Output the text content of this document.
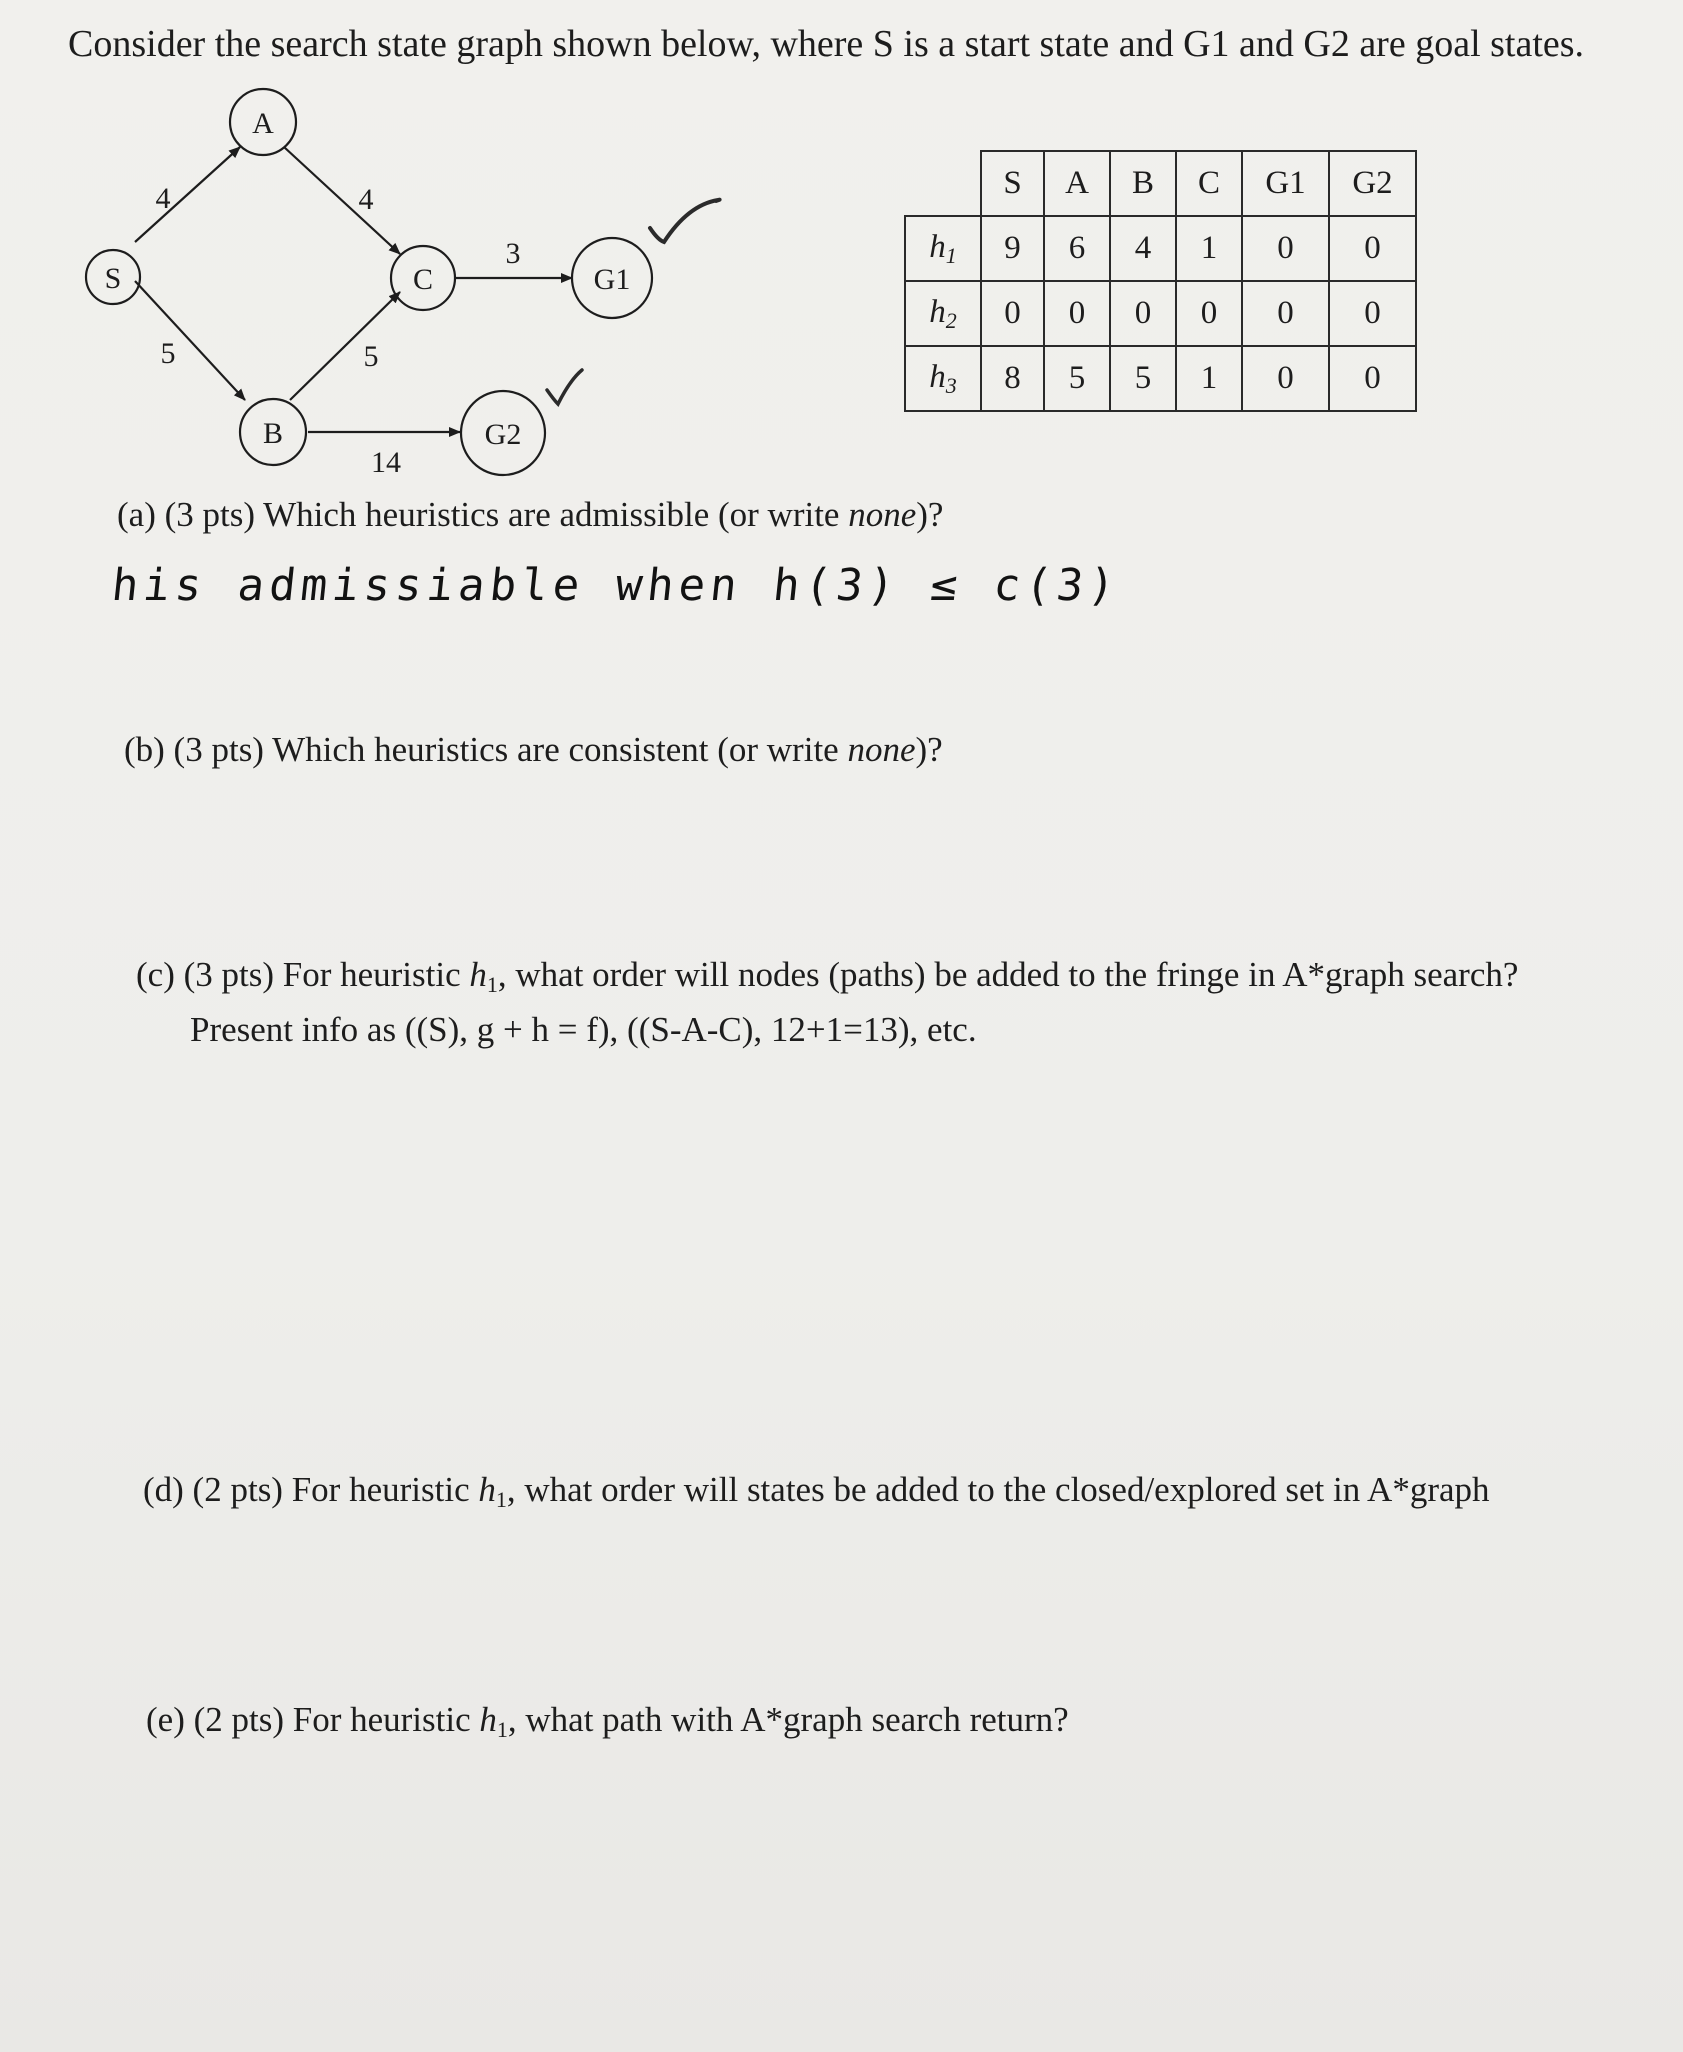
Consider the search state graph shown below, where S is a start state and G1 and G2 are goal states.
4
5
4
5
3
14
S
A
B
C	G1
G2
	S	A	B	C	G1	G2
$h_1$	9	6	4	1	0	0
$h_2$	0	0	0	0	0	0
$h_3$	8	5	5	1	0	0
(a) (3 pts) Which heuristics are admissible (or write none)?
his admissiable when h(3) ≤ c(3)
(b) (3 pts) Which heuristics are consistent (or write none)?
(c) (3 pts) For heuristic $h_1$, what order will nodes (paths) be added to the fringe in A*graph search?
Present info as ((S), g + h = f), ((S-A-C), 12+1=13), etc.
(d) (2 pts) For heuristic $h_1$, what order will states be added to the closed/explored set in A*graph
(e) (2 pts) For heuristic $h_1$, what path with A*graph search return?
